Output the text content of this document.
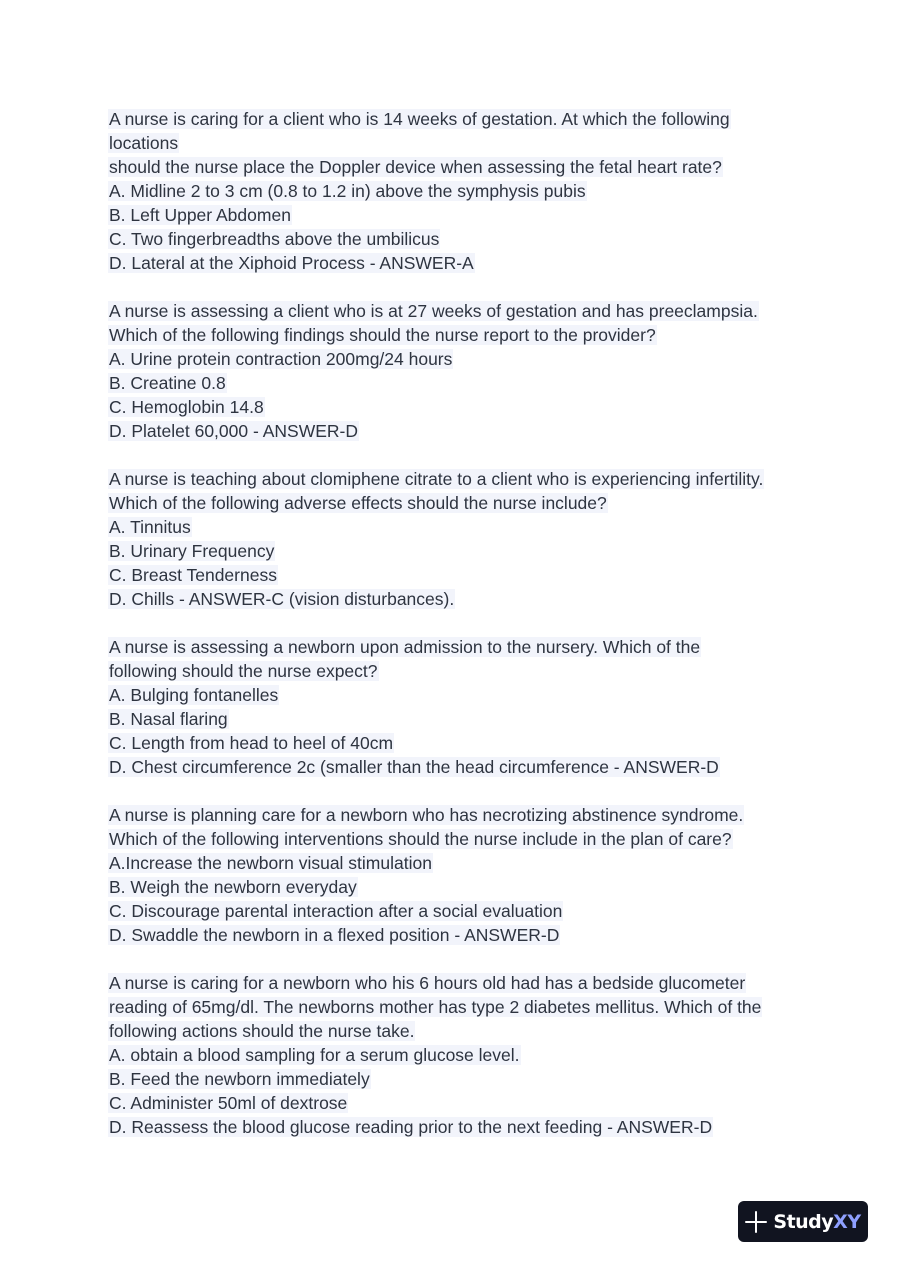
A nurse is caring for a client who is 14 weeks of gestation. At which the following
locations
should the nurse place the Doppler device when assessing the fetal heart rate?
A. Midline 2 to 3 cm (0.8 to 1.2 in) above the symphysis pubis
B. Left Upper Abdomen
C. Two fingerbreadths above the umbilicus
D. Lateral at the Xiphoid Process - ANSWER-A
A nurse is assessing a client who is at 27 weeks of gestation and has preeclampsia.
Which of the following findings should the nurse report to the provider?
A. Urine protein contraction 200mg/24 hours
B. Creatine 0.8
C. Hemoglobin 14.8
D. Platelet 60,000 - ANSWER-D
A nurse is teaching about clomiphene citrate to a client who is experiencing infertility.
Which of the following adverse effects should the nurse include?
A. Tinnitus
B. Urinary Frequency
C. Breast Tenderness
D. Chills - ANSWER-C (vision disturbances).
A nurse is assessing a newborn upon admission to the nursery. Which of the
following should the nurse expect?
A. Bulging fontanelles
B. Nasal flaring
C. Length from head to heel of 40cm
D. Chest circumference 2c (smaller than the head circumference - ANSWER-D
A nurse is planning care for a newborn who has necrotizing abstinence syndrome.
Which of the following interventions should the nurse include in the plan of care?
A.Increase the newborn visual stimulation
B. Weigh the newborn everyday
C. Discourage parental interaction after a social evaluation
D. Swaddle the newborn in a flexed position - ANSWER-D
A nurse is caring for a newborn who his 6 hours old had has a bedside glucometer
reading of 65mg/dl. The newborns mother has type 2 diabetes mellitus. Which of the
following actions should the nurse take.
A. obtain a blood sampling for a serum glucose level.
B. Feed the newborn immediately
C. Administer 50ml of dextrose
D. Reassess the blood glucose reading prior to the next feeding - ANSWER-D
StudyXY
